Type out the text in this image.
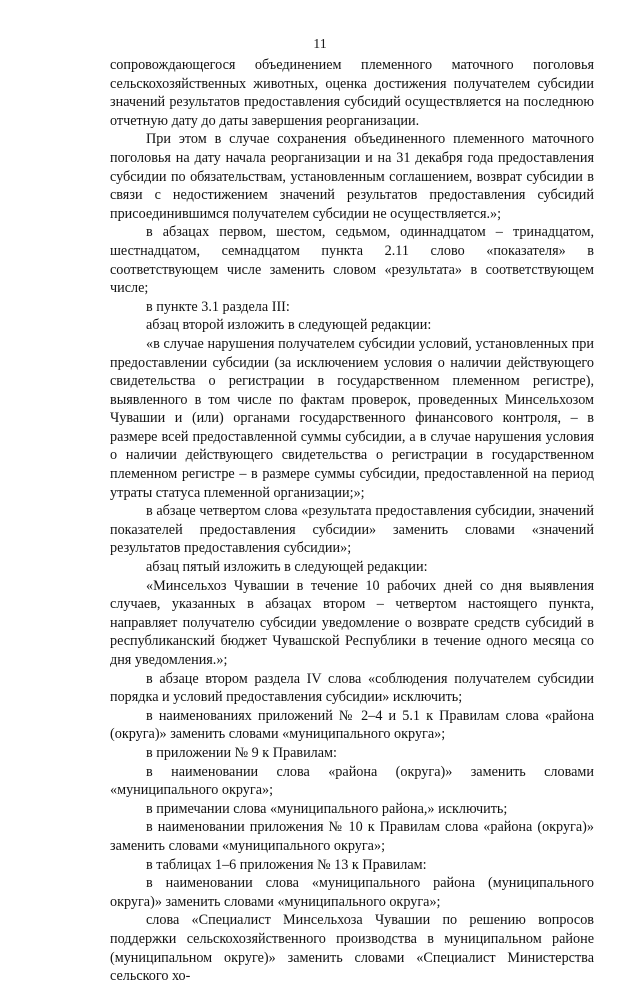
11

сопровождающегося объединением племенного маточного поголовья сельскохозяйственных животных, оценка достижения получателем субсидии значений результатов предоставления субсидий осуществляется на последнюю отчетную дату до даты завершения реорганизации.

При этом в случае сохранения объединенного племенного маточного поголовья на дату начала реорганизации и на 31 декабря года предоставления субсидии по обязательствам, установленным соглашением, возврат субсидии в связи с недостижением значений результатов предоставления субсидий присоединившимся получателем субсидии не осуществляется.»;

в абзацах первом, шестом, седьмом, одиннадцатом – тринадцатом, шестнадцатом, семнадцатом пункта 2.11 слово «показателя» в соответствующем числе заменить словом «результата» в соответствующем числе;

в пункте 3.1 раздела III:

абзац второй изложить в следующей редакции:

«в случае нарушения получателем субсидии условий, установленных при предоставлении субсидии (за исключением условия о наличии действующего свидетельства о регистрации в государственном племенном регистре), выявленного в том числе по фактам проверок, проведенных Минсельхозом Чувашии и (или) органами государственного финансового контроля, – в размере всей предоставленной суммы субсидии, а в случае нарушения условия о наличии действующего свидетельства о регистрации в государственном племенном регистре – в размере суммы субсидии, предоставленной на период утраты статуса племенной организации;»;

в абзаце четвертом слова «результата предоставления субсидии, значений показателей предоставления субсидии» заменить словами «значений результатов предоставления субсидии»;

абзац пятый изложить в следующей редакции:

«Минсельхоз Чувашии в течение 10 рабочих дней со дня выявления случаев, указанных в абзацах втором – четвертом настоящего пункта, направляет получателю субсидии уведомление о возврате средств субсидий в республиканский бюджет Чувашской Республики в течение одного месяца со дня уведомления.»;

в абзаце втором раздела IV слова «соблюдения получателем субсидии порядка и условий предоставления субсидии» исключить;

в наименованиях приложений № 2–4 и 5.1 к Правилам слова «района (округа)» заменить словами «муниципального округа»;

в приложении № 9 к Правилам:

в наименовании слова «района (округа)» заменить словами «муниципального округа»;

в примечании слова «муниципального района,» исключить;

в наименовании приложения № 10 к Правилам слова «района (округа)» заменить словами «муниципального округа»;

в таблицах 1–6 приложения № 13 к Правилам:

в наименовании слова «муниципального района (муниципального округа)» заменить словами «муниципального округа»;

слова «Специалист Минсельхоза Чувашии по решению вопросов поддержки сельскохозяйственного производства в муниципальном районе (муниципальном округе)» заменить словами «Специалист Министерства сельского хо-
